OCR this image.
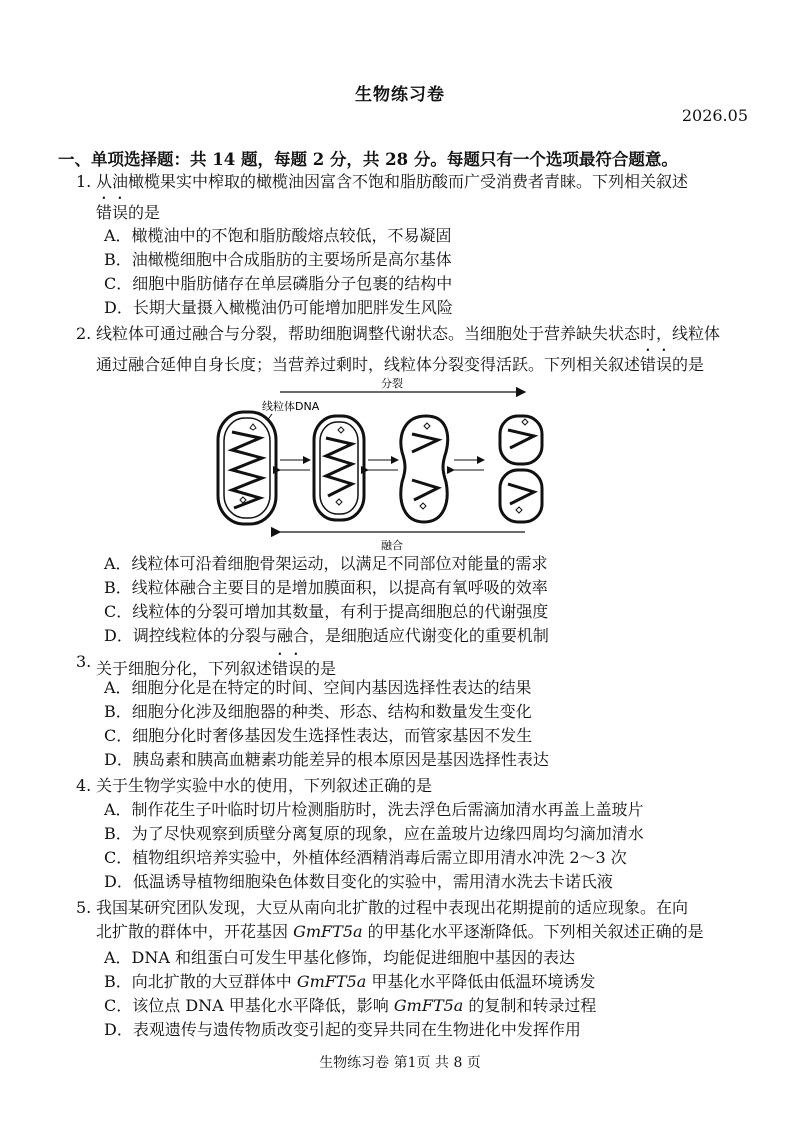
生物练习卷
2026.05
一、单项选择题：共 14 题，每题 2 分，共 28 分。每题只有一个选项最符合题意。
1. 从油橄榄果实中榨取的橄榄油因富含不饱和脂肪酸而广受消费者青睐。下列相关叙述
错误的是
A．橄榄油中的不饱和脂肪酸熔点较低，不易凝固
B．油橄榄细胞中合成脂肪的主要场所是高尔基体
C．细胞中脂肪储存在单层磷脂分子包裹的结构中
D．长期大量摄入橄榄油仍可能增加肥胖发生风险
2. 线粒体可通过融合与分裂，帮助细胞调整代谢状态。当细胞处于营养缺失状态时，线粒体
通过融合延伸自身长度；当营养过剩时，线粒体分裂变得活跃。下列相关叙述错误的是
分裂
融合
线粒体DNA
A．线粒体可沿着细胞骨架运动，以满足不同部位对能量的需求
B．线粒体融合主要目的是增加膜面积，以提高有氧呼吸的效率
C．线粒体的分裂可增加其数量，有利于提高细胞总的代谢强度
D．调控线粒体的分裂与融合，是细胞适应代谢变化的重要机制
3. 关于细胞分化，下列叙述错误的是
A．细胞分化是在特定的时间、空间内基因选择性表达的结果
B．细胞分化涉及细胞器的种类、形态、结构和数量发生变化
C．细胞分化时奢侈基因发生选择性表达，而管家基因不发生
D．胰岛素和胰高血糖素功能差异的根本原因是基因选择性表达
4. 关于生物学实验中水的使用，下列叙述正确的是
A．制作花生子叶临时切片检测脂肪时，洗去浮色后需滴加清水再盖上盖玻片
B．为了尽快观察到质壁分离复原的现象，应在盖玻片边缘四周均匀滴加清水
C．植物组织培养实验中，外植体经酒精消毒后需立即用清水冲洗 2～3 次
D．低温诱导植物细胞染色体数目变化的实验中，需用清水洗去卡诺氏液
5. 我国某研究团队发现，大豆从南向北扩散的过程中表现出花期提前的适应现象。在向
北扩散的群体中，开花基因 GmFT5a 的甲基化水平逐渐降低。下列相关叙述正确的是
A．DNA 和组蛋白可发生甲基化修饰，均能促进细胞中基因的表达
B．向北扩散的大豆群体中 GmFT5a 甲基化水平降低由低温环境诱发
C．该位点 DNA 甲基化水平降低，影响 GmFT5a 的复制和转录过程
D．表观遗传与遗传物质改变引起的变异共同在生物进化中发挥作用
生物练习卷 第1页 共 8 页
